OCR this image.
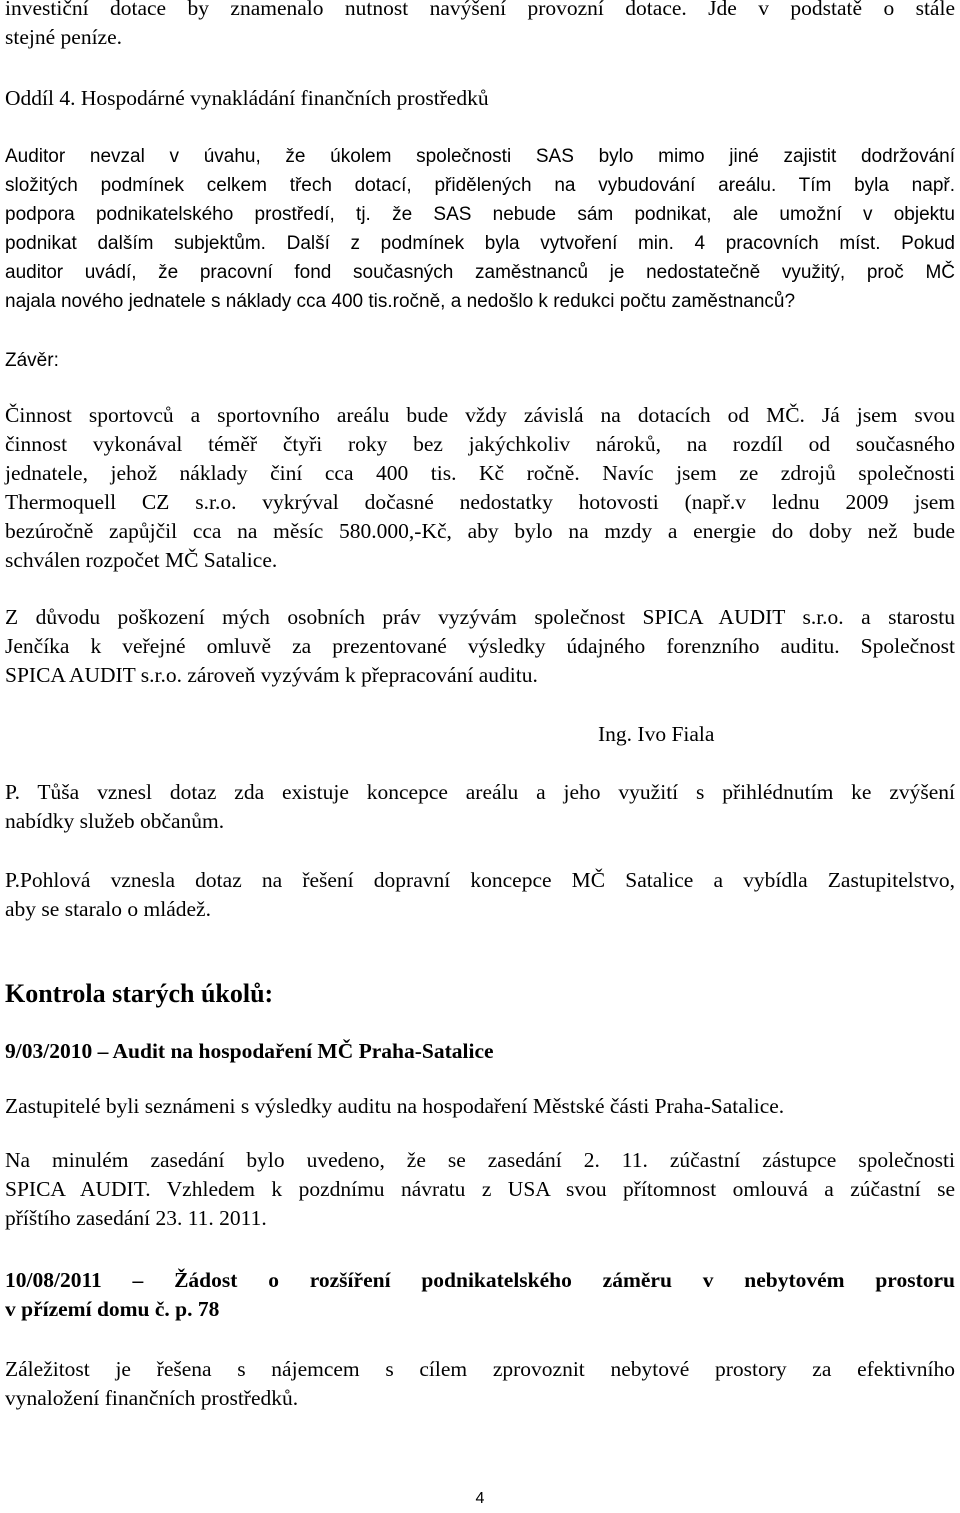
investiční dotace by znamenalo nutnost navýšení provozní dotace. Jde v podstatě o stále
stejné peníze.
Oddíl 4. Hospodárné vynakládání finančních prostředků
Auditor nevzal v úvahu, že úkolem společnosti SAS bylo mimo jiné zajistit dodržování
složitých podmínek celkem třech dotací, přidělených na vybudování areálu. Tím byla např.
podpora podnikatelského prostředí, tj. že SAS nebude sám podnikat, ale umožní v objektu
podnikat dalším subjektům. Další z podmínek byla vytvoření min. 4 pracovních míst. Pokud
auditor uvádí, že pracovní fond současných zaměstnanců je nedostatečně využitý, proč MČ
najala nového jednatele s náklady cca 400 tis.ročně, a nedošlo k redukci počtu zaměstnanců?
Závěr:
Činnost sportovců a sportovního areálu bude vždy závislá na dotacích od MČ. Já jsem svou
činnost vykonával téměř čtyři roky bez jakýchkoliv nároků, na rozdíl od současného
jednatele, jehož náklady činí cca 400 tis. Kč ročně. Navíc jsem ze zdrojů společnosti
Thermoquell CZ s.r.o. vykrýval dočasné nedostatky hotovosti (např.v lednu 2009 jsem
bezúročně zapůjčil cca na měsíc 580.000,-Kč, aby bylo na mzdy a energie do doby než bude
schválen rozpočet MČ Satalice.
Z důvodu poškození mých osobních práv vyzývám společnost SPICA AUDIT s.r.o. a starostu
Jenčíka k veřejné omluvě za prezentované výsledky údajného forenzního auditu. Společnost
SPICA AUDIT s.r.o. zároveň vyzývám k přepracování auditu.
Ing. Ivo Fiala
P. Tůša vznesl dotaz zda existuje koncepce areálu a jeho využití s přihlédnutím ke zvýšení
nabídky služeb občanům.
P.Pohlová vznesla dotaz na řešení dopravní koncepce MČ Satalice a vybídla Zastupitelstvo,
aby se staralo o mládež.
Kontrola starých úkolů:
9/03/2010 – Audit na hospodaření MČ Praha-Satalice
Zastupitelé byli seznámeni s výsledky auditu na hospodaření Městské části Praha-Satalice.
Na minulém zasedání bylo uvedeno, že se zasedání 2. 11. zúčastní zástupce společnosti
SPICA AUDIT. Vzhledem k pozdnímu návratu z USA svou přítomnost omlouvá a zúčastní se
příštího zasedání 23. 11. 2011.
10/08/2011 – Žádost o rozšíření podnikatelského záměru v nebytovém prostoru
v přízemí domu č. p. 78
Záležitost je řešena s nájemcem s cílem zprovoznit nebytové prostory za efektivního
vynaložení finančních prostředků.
4
